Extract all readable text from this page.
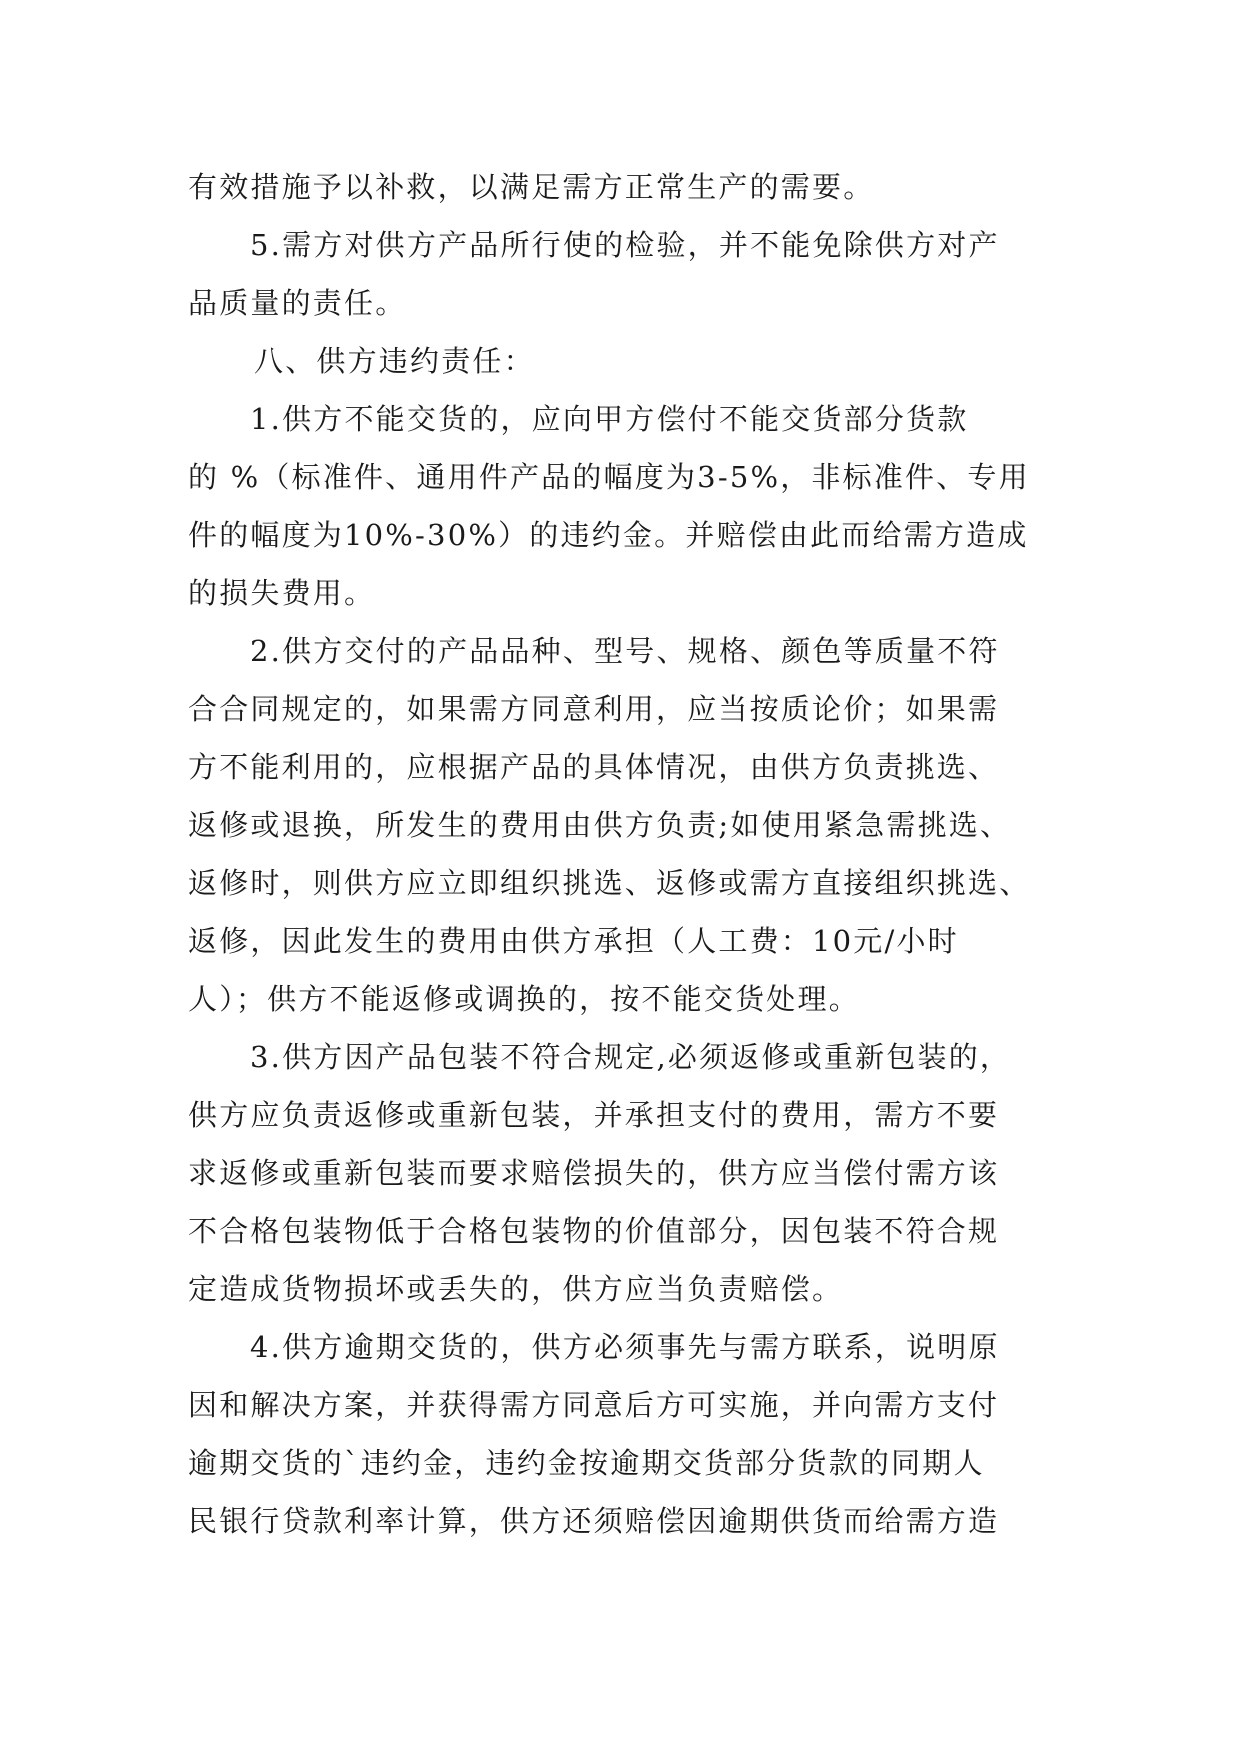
有效措施予以补救，以满足需方正常生产的需要。
5.需方对供方产品所行使的检验，并不能免除供方对产
品质量的责任。
八、供方违约责任：
1.供方不能交货的，应向甲方偿付不能交货部分货款
的 %（标准件、通用件产品的幅度为3-5%，非标准件、专用
件的幅度为10%-30%）的违约金。并赔偿由此而给需方造成
的损失费用。
2.供方交付的产品品种、型号、规格、颜色等质量不符
合合同规定的，如果需方同意利用，应当按质论价；如果需
方不能利用的，应根据产品的具体情况，由供方负责挑选、
返修或退换，所发生的费用由供方负责;如使用紧急需挑选、
返修时，则供方应立即组织挑选、返修或需方直接组织挑选、
返修，因此发生的费用由供方承担（人工费：10元/小时
人）；供方不能返修或调换的，按不能交货处理。
3.供方因产品包装不符合规定,必须返修或重新包装的，
供方应负责返修或重新包装，并承担支付的费用，需方不要
求返修或重新包装而要求赔偿损失的，供方应当偿付需方该
不合格包装物低于合格包装物的价值部分，因包装不符合规
定造成货物损坏或丢失的，供方应当负责赔偿。
4.供方逾期交货的，供方必须事先与需方联系，说明原
因和解决方案，并获得需方同意后方可实施，并向需方支付
逾期交货的`违约金，违约金按逾期交货部分货款的同期人
民银行贷款利率计算，供方还须赔偿因逾期供货而给需方造
